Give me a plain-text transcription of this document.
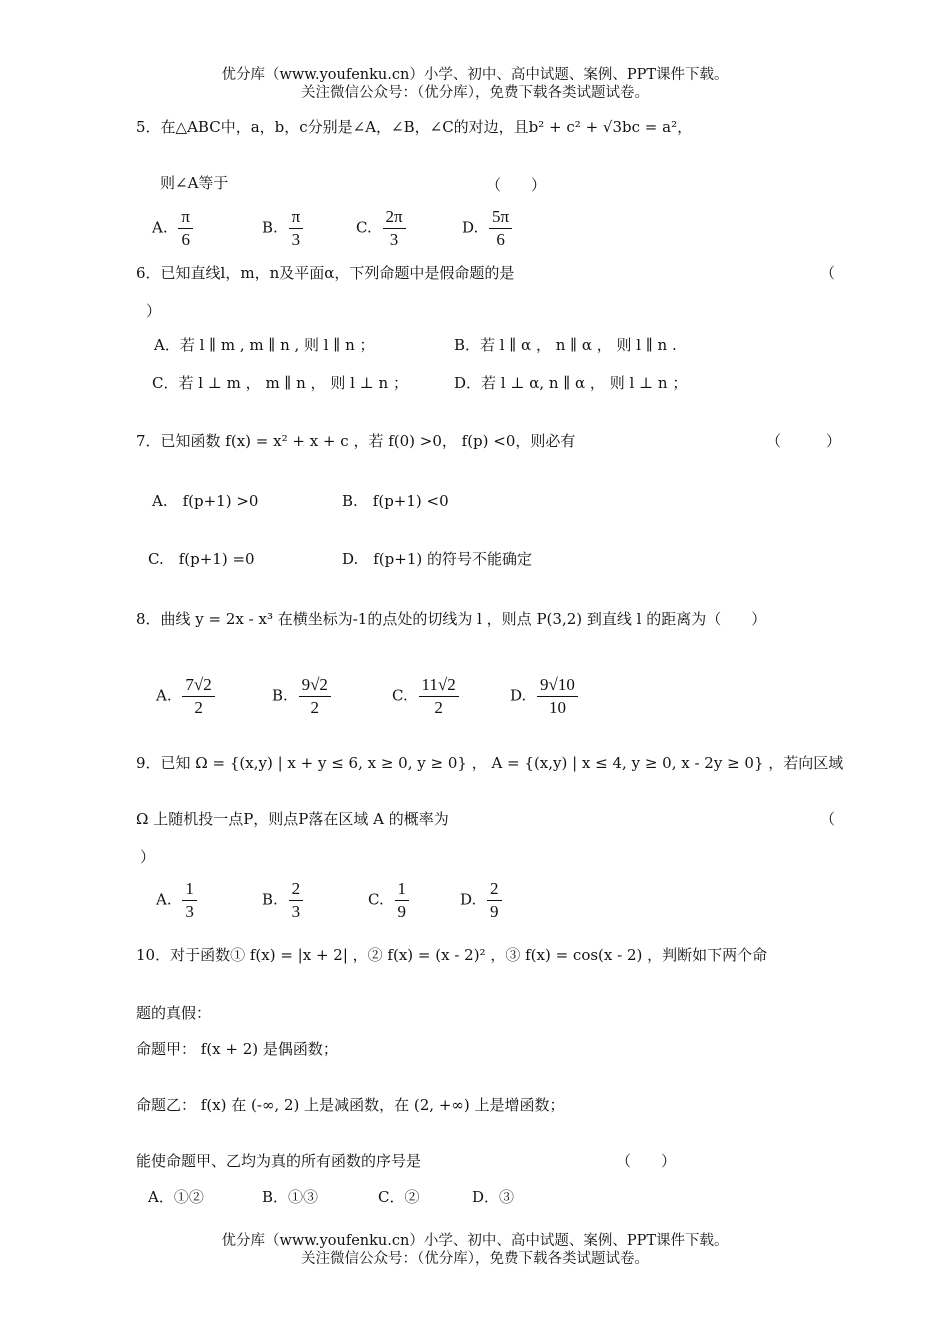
优分库（www.youfenku.cn）小学、初中、高中试题、案例、PPT课件下载。
关注微信公众号：（优分库），免费下载各类试题试卷。
5．在△ABC中，a，b，c分别是∠A，∠B，∠C的对边，且b² + c² + √3bc = a²，
则∠A等于	（　　）
A. $\frac{\pi}{6}$	B. $\frac{\pi}{3}$	C. $\frac{2\pi}{3}$	D. $\frac{5\pi}{6}$
6．已知直线l，m，n及平面α，下列命题中是假命题的是	（
）
A．若 l ∥ m , m ∥ n , 则 l ∥ n ；	B．若 l ∥ α ， n ∥ α ， 则 l ∥ n .
C．若 l ⊥ m ， m ∥ n ， 则 l ⊥ n ；	D．若 l ⊥ α, n ∥ α ， 则 l ⊥ n ；
7．已知函数 f(x) = x² + x + c ，若 f(0) >0， f(p) <0，则必有	（　　　）
A.　f(p+1) >0	B.　f(p+1) <0
C.　f(p+1) =0	D.　f(p+1) 的符号不能确定
8．曲线 y = 2x - x³ 在横坐标为-1的点处的切线为 l ，则点 P(3,2) 到直线 l 的距离为（　　）
A. $\frac{7√2}{2}$	B. $\frac{9√2}{2}$	C. $\frac{11√2}{2}$	D. $\frac{9√10}{10}$
9．已知 Ω = {(x,y) | x + y ≤ 6, x ≥ 0, y ≥ 0} ， A = {(x,y) | x ≤ 4, y ≥ 0, x - 2y ≥ 0} ，若向区域
Ω 上随机投一点P，则点P落在区域 A 的概率为	（
）
A. $\frac{1}{3}$	B. $\frac{2}{3}$	C. $\frac{1}{9}$	D. $\frac{2}{9}$
10．对于函数① f(x) = |x + 2| ，② f(x) = (x - 2)² ，③ f(x) = cos(x - 2) ，判断如下两个命
题的真假：
命题甲： f(x + 2) 是偶函数；
命题乙： f(x) 在 (-∞, 2) 上是减函数，在 (2, +∞) 上是增函数；
能使命题甲、乙均为真的所有函数的序号是	（　　）
A．①②	B．①③	C．②	D．③
优分库（www.youfenku.cn）小学、初中、高中试题、案例、PPT课件下载。
关注微信公众号：（优分库），免费下载各类试题试卷。
